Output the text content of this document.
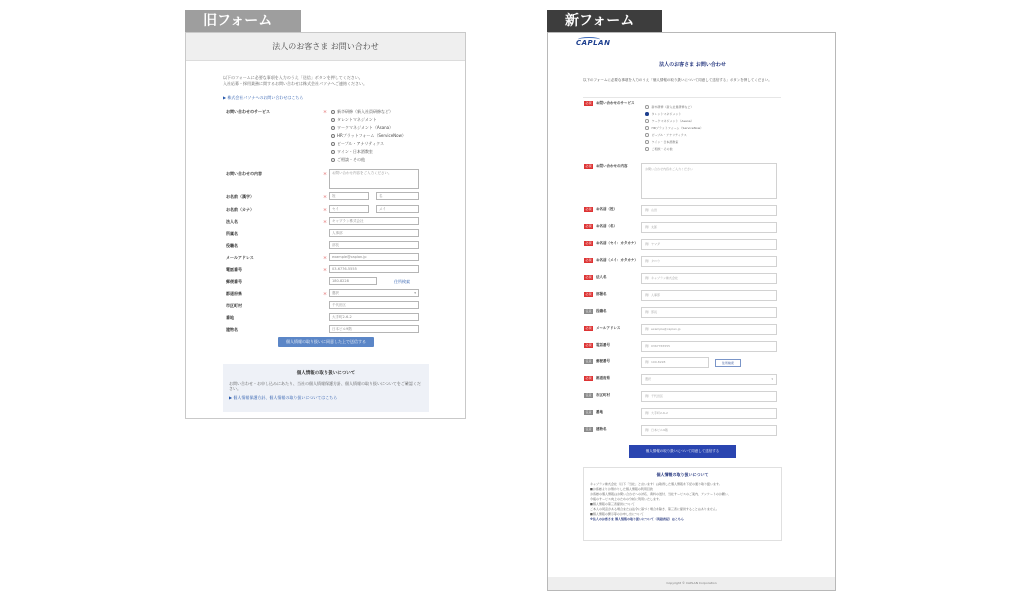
旧フォーム	新フォーム
法人のお客さま お問い合わせ
以下のフォームに必要な事項を入力のうえ「送信」ボタンを押してください。
入社応募・採用業務に関するお問い合わせは株式会社パソナへご連絡ください。
▶ 株式会社パソナへのお問い合わせはこちら
お問い合わせのサービス	＊	新卒研修（新入社員研修など）
タレントマネジメント
ワークマネジメント（Asana）
HRプラットフォーム（ServiceNow）
ピープル・アナリティクス
ワイン・日本酒教室
ご相談・その他
お問い合わせの内容	＊	お問い合わせ内容をご入力ください。
お名前（漢字）	＊	姓	名
お名前（カナ）	＊	セイ	メイ
法人名	＊	キャプラン株式会社
所属名	人事部
役職名	部長
メールアドレス	＊	example@caplan.jp
電話番号	＊	03-6776-5555
郵便番号	180-8228	住所検索
都道府県	＊	選択	▾
市区町村	千代田区
番地	大手町2-6-2
建物名	日本ビル9階
個人情報の取り扱いに同意した上で送信する
個人情報の取り扱いについて
お問い合わせ・お申し込みにあたり、当社の個人情報保護方針、個人情報の取り扱いについてをご確認ください。
▶ 個人情報保護方針、個人情報の取り扱いについてはこちら
CAPLAN
法人のお客さま お問い合わせ
以下のフォームに必要な事項を入力のうえ「個人情報の取り扱いについて同意して送信する」ボタンを押してください。
必須	お問い合わせのサービス
新卒研修（新入社員研修など）
タレントマネジメント
ワークマネジメント（Asana）
HRプラットフォーム（ServiceNow）
ピープル・アナリティクス
ワイン・日本酒教室
ご相談・その他
必須	お問い合わせの内容
お問い合わせ内容をご入力ください
必須	お名前（姓）	例）山田
必須	お名前（名）	例）太郎
必須	お名前（セイ：カタカナ）	例）ヤマダ
必須	お名前（メイ：カタカナ）	例）タロウ
必須	法人名	例）キャプラン株式会社
必須	部署名	例）人事部
任意	役職名	例）部長
必須	メールアドレス	例）example@caplan.jp
必須	電話番号	例）0367765555
任意	郵便番号	例）100-8228	住所検索
必須	都道府県	選択	▾
任意	市区町村	例）千代田区
任意	番地	例）大手町2-6-2
任意	建物名	例）日本ビル9階
個人情報の取り扱いについて同意して送信する
個人情報の取り扱いについて
キャプラン株式会社（以下「当社」と言います）は取得した個人情報を下記の通り取り扱います。
■お客様よりお預かりした個人情報の利用目的
お客様の個人情報はお問い合わせへの対応、資料の送付、当社サービスのご案内、アンケートのお願い、
今後のサービス向上のための分析に利用いたします。
■個人情報の第三者提供について
ご本人の同意がある場合または法令に基づく場合を除き、第三者に提供することはありません。
■個人情報の開示等のお申し出について
※法人のお客さま 個人情報の取り扱いについて（英語表記）はこちら
Copyright © CAPLAN Corporation
